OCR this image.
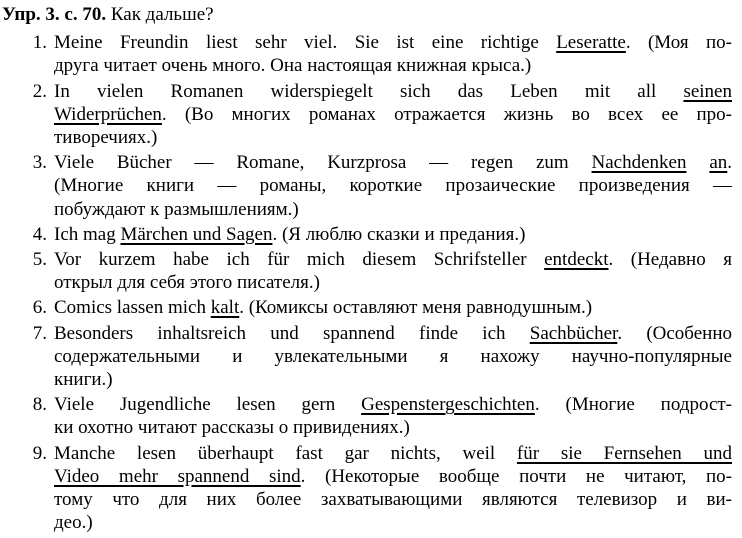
Упр. 3. с. 70. Как дальше?
1. Meine Freundin liest sehr viel. Sie ist eine richtige Leseratte. (Моя по-
друга читает очень много. Она настоящая книжная крыса.)
2. In vielen Romanen widerspiegelt sich das Leben mit all seinen
Widerprüchen. (Во многих романах отражается жизнь во всех ее про-
тиворечиях.)
3. Viele Bücher — Romane, Kurzprosa — regen zum Nachdenken an.
(Многие книги — романы, короткие прозаические произведения —
побуждают к размышлениям.)
4. Ich mag Märchen und Sagen. (Я люблю сказки и предания.)
5. Vor kurzem habe ich für mich diesem Schrifsteller entdeckt. (Недавно я
открыл для себя этого писателя.)
6. Comics lassen mich kalt. (Комиксы оставляют меня равнодушным.)
7. Besonders inhaltsreich und spannend finde ich Sachbücher. (Особенно
содержательными и увлекательными я нахожу научно-популярные
книги.)
8. Viele Jugendliche lesen gern Gespenstergeschichten. (Многие подрост-
ки охотно читают рассказы о привидениях.)
9. Manche lesen überhaupt fast gar nichts, weil für sie Fernsehen und
Video mehr spannend sind. (Некоторые вообще почти не читают, по-
тому что для них более захватывающими являются телевизор и ви-
део.)
